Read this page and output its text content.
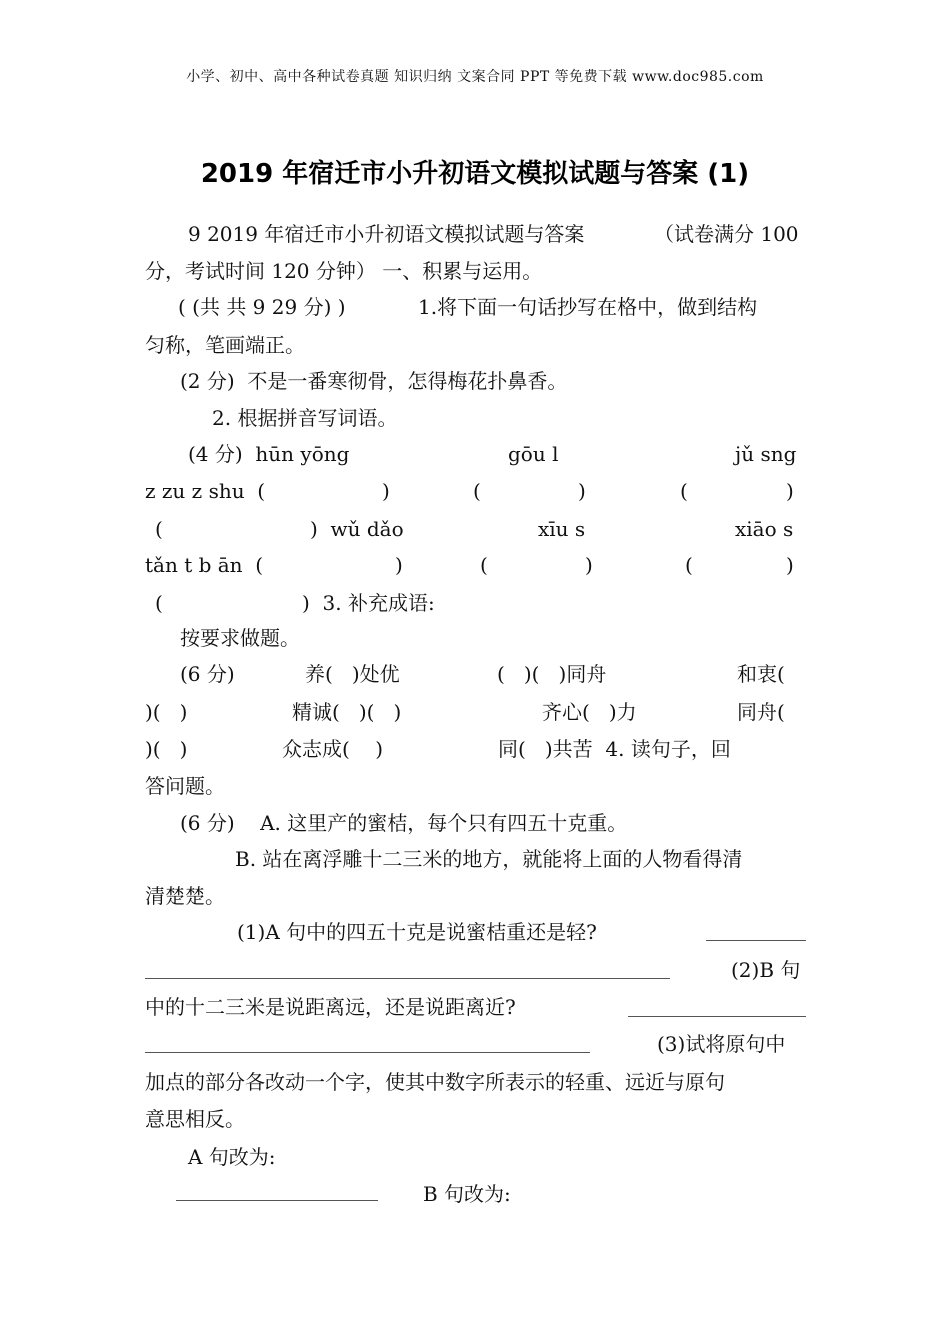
小学、初中、高中各种试卷真题 知识归纳 文案合同 PPT 等免费下载 www.doc985.com
2019 年宿迁市小升初语文模拟试题与答案 (1)
9 2019 年宿迁市小升初语文模拟试题与答案	（试卷满分 100
分，考试时间 120 分钟） 一、积累与运用。
( (共 共 9 29 分) )	1.将下面一句话抄写在格中，做到结构
匀称，笔画端正。
(2 分)  不是一番寒彻骨，怎得梅花扑鼻香。
2. 根据拼音写词语。
(4 分)  hūn yōng	gōu l	jǔ sng
z zu z shu  (	)	(	)	(	)
(	)  wǔ dǎo	xīu s	xiāo s
tǎn t b ān  (	)	(	)	(	)
(	)  3. 补充成语:
按要求做题。
(6 分)	养(   )处优	(   )(   )同舟	和衷(
)(   )	精诚(   )(   )	齐心(   )力	同舟(
)(   )	众志成(    )	同(   )共苦  4. 读句子，回
答问题。
(6 分)    A. 这里产的蜜桔，每个只有四五十克重。
B. 站在离浮雕十二三米的地方，就能将上面的人物看得清
清楚楚。
(1)A 句中的四五十克是说蜜桔重还是轻?
(2)B 句
中的十二三米是说距离远，还是说距离近?
(3)试将原句中
加点的部分各改动一个字，使其中数字所表示的轻重、远近与原句
意思相反。
A 句改为:
B 句改为:
